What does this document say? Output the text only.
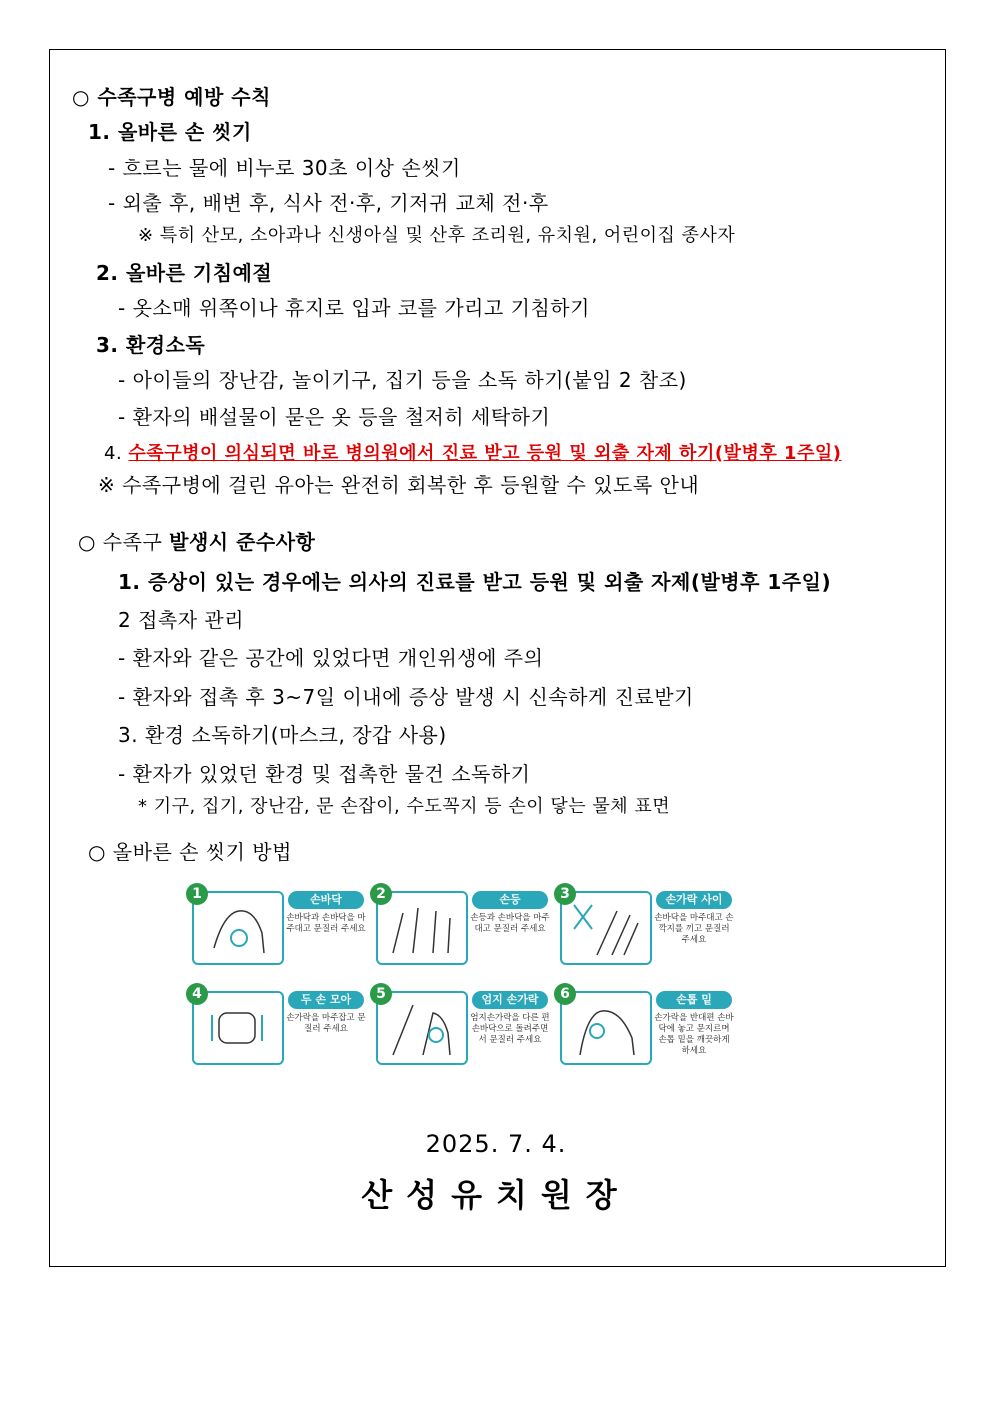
○ 수족구병 예방 수칙
1. 올바른 손 씻기
- 흐르는 물에 비누로 30초 이상 손씻기
- 외출 후, 배변 후, 식사 전·후, 기저귀 교체 전·후
※ 특히 산모, 소아과나 신생아실 및 산후 조리원, 유치원, 어린이집 종사자
2. 올바른 기침예절
- 옷소매 위쪽이나 휴지로 입과 코를 가리고 기침하기
3. 환경소독
- 아이들의 장난감, 놀이기구, 집기 등을 소독 하기(붙임 2 참조)
- 환자의 배설물이 묻은 옷 등을 철저히 세탁하기
4. 수족구병이 의심되면 바로 병의원에서 진료 받고 등원 및 외출 자제 하기(발병후 1주일)
※ 수족구병에 걸린 유아는 완전히 회복한 후 등원할 수 있도록 안내
○ 수족구 발생시 준수사항
1. 증상이 있는 경우에는 의사의 진료를 받고 등원 및 외출 자제(발병후 1주일)
2 접촉자 관리
- 환자와 같은 공간에 있었다면 개인위생에 주의
- 환자와 접촉 후 3~7일 이내에 증상 발생 시 신속하게 진료받기
3. 환경 소독하기(마스크, 장갑 사용)
- 환자가 있었던 환경 및 접촉한 물건 소독하기
* 기구, 집기, 장난감, 문 손잡이, 수도꼭지 등 손이 닿는 물체 표면
○ 올바른 손 씻기 방법
1	손바닥
손바닥과 손바닥을 마주대고 문질러 주세요
2	손등
손등과 손바닥을 마주대고 문질러 주세요
3	손가락 사이
손바닥을 마주대고 손깍지를 끼고 문질러 주세요
4	두 손 모아
손가락을 마주잡고 문질러 주세요
5	엄지 손가락
엄지손가락을 다른 편 손바닥으로 돌려주면서 문질러 주세요
6	손톱 밑
손가락을 반대편 손바닥에 놓고 문지르며 손톱 밑을 깨끗하게 하세요
2025. 7. 4.
산성유치원장
